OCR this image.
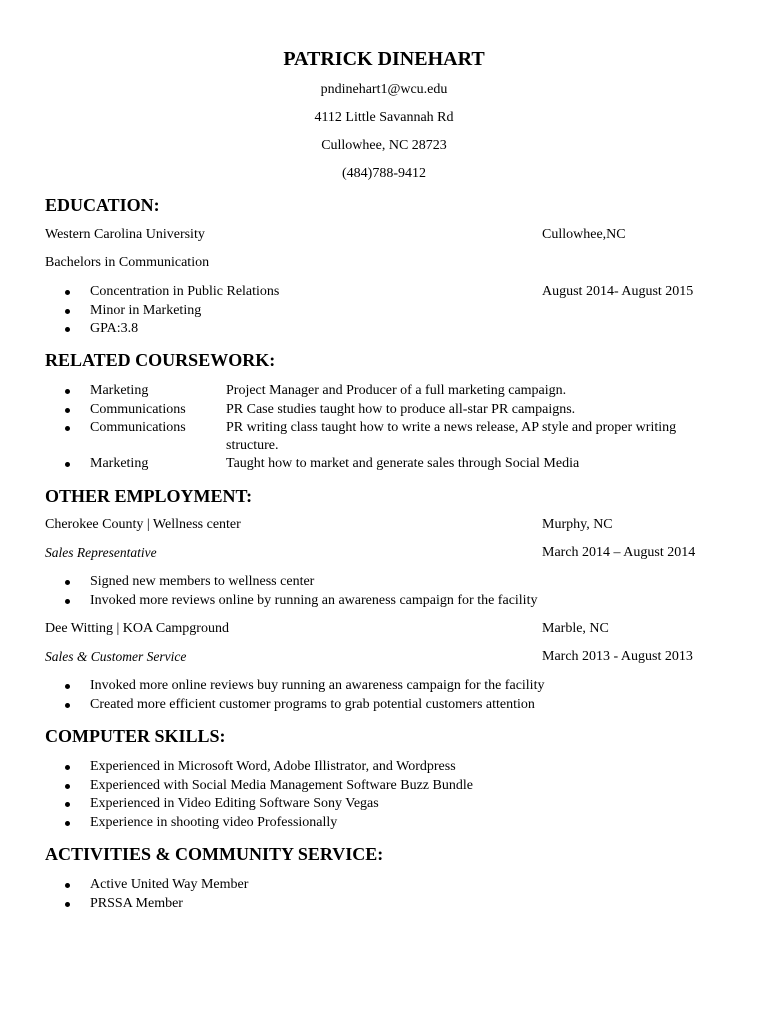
PATRICK DINEHART
pndinehart1@wcu.edu
4112 Little Savannah Rd
Cullowhee, NC 28723
(484)788-9412
EDUCATION:
Western Carolina University	Cullowhee,NC
Bachelors in Communication
Concentration in Public Relations	August 2014- August 2015
Minor in Marketing
GPA:3.8
RELATED COURSEWORK:
Marketing	Project Manager and Producer of a full marketing campaign.
Communications	PR Case studies taught how to produce all-star PR campaigns.
Communications	PR writing class taught how to write a news release, AP style and proper writing
structure.
Marketing	Taught how to market and generate sales through Social Media
OTHER EMPLOYMENT:
Cherokee County | Wellness center	Murphy, NC
Sales Representative	March 2014 – August 2014
Signed new members to wellness center
Invoked more reviews online by running an awareness campaign for the facility
Dee Witting | KOA Campground	Marble, NC
Sales & Customer Service	March 2013 - August 2013
Invoked more online reviews buy running an awareness campaign for the facility
Created more efficient customer programs to grab potential customers attention
COMPUTER SKILLS:
Experienced in Microsoft Word, Adobe Illistrator, and Wordpress
Experienced with Social Media Management Software Buzz Bundle
Experienced in Video Editing Software Sony Vegas
Experience in shooting video Professionally
ACTIVITIES & COMMUNITY SERVICE:
Active United Way Member
PRSSA Member
